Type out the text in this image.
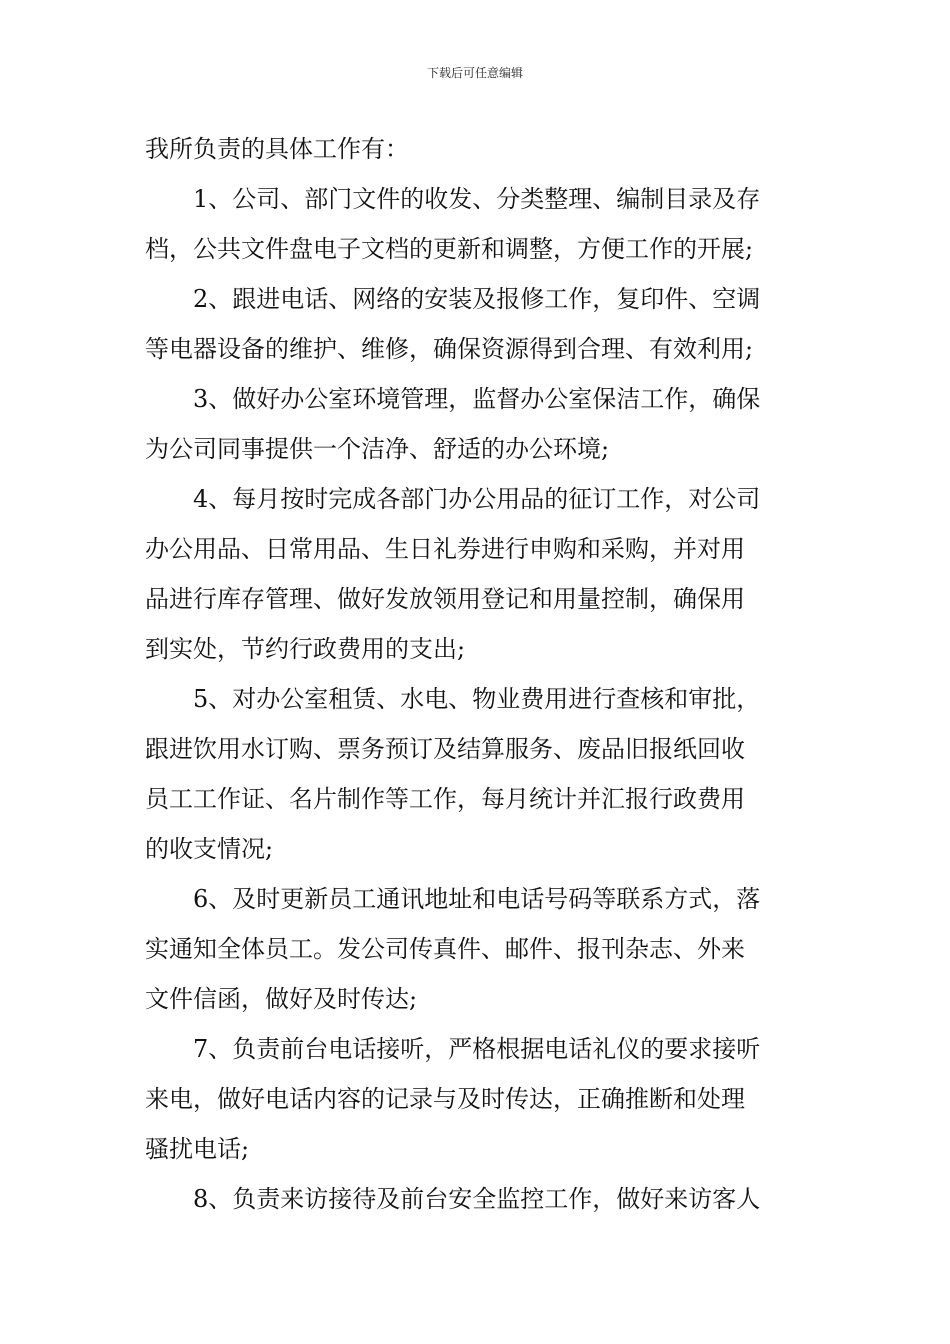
下载后可任意编辑
我所负责的具体工作有：
1、公司、部门文件的收发、分类整理、编制目录及存
档，公共文件盘电子文档的更新和调整，方便工作的开展;
2、跟进电话、网络的安装及报修工作，复印件、空调
等电器设备的维护、维修，确保资源得到合理、有效利用;
3、做好办公室环境管理，监督办公室保洁工作，确保
为公司同事提供一个洁净、舒适的办公环境;
4、每月按时完成各部门办公用品的征订工作，对公司
办公用品、日常用品、生日礼券进行申购和采购，并对用
品进行库存管理、做好发放领用登记和用量控制，确保用
到实处，节约行政费用的支出;
5、对办公室租赁、水电、物业费用进行查核和审批，
跟进饮用水订购、票务预订及结算服务、废品旧报纸回收
员工工作证、名片制作等工作，每月统计并汇报行政费用
的收支情况;
6、及时更新员工通讯地址和电话号码等联系方式，落
实通知全体员工。发公司传真件、邮件、报刊杂志、外来
文件信函，做好及时传达;
7、负责前台电话接听，严格根据电话礼仪的要求接听
来电，做好电话内容的记录与及时传达，正确推断和处理
骚扰电话;
8、负责来访接待及前台安全监控工作，做好来访客人
